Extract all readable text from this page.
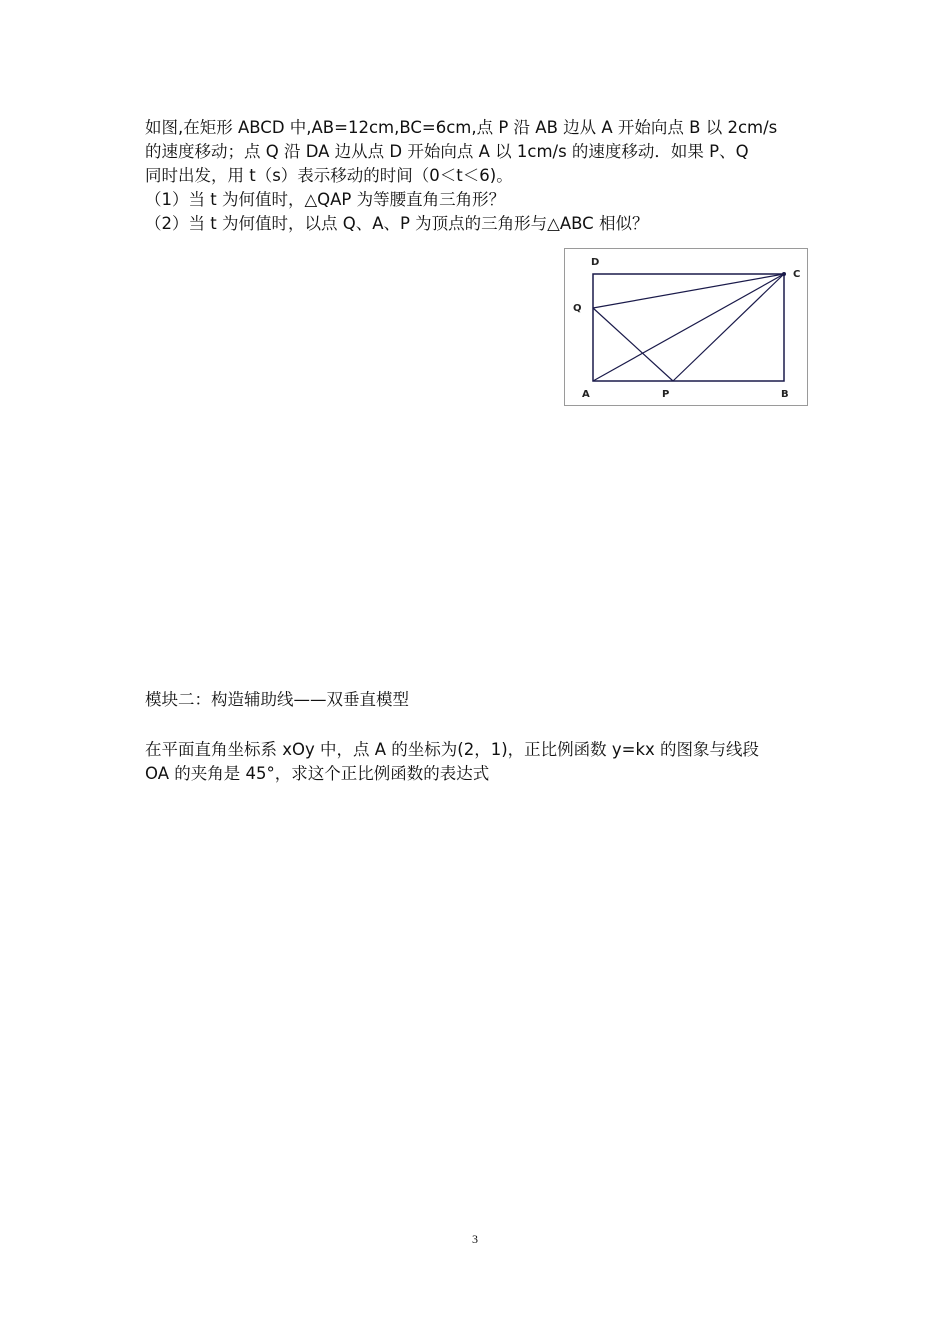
如图,在矩形 ABCD 中,AB=12cm,BC=6cm,点 P 沿 AB 边从 A 开始向点 B 以 2cm/s
的速度移动；点 Q 沿 DA 边从点 D 开始向点 A 以 1cm/s 的速度移动．如果 P、Q
同时出发，用 t（s）表示移动的时间（0＜t＜6)。
（1）当 t 为何值时，△QAP 为等腰直角三角形？
（2）当 t 为何值时，以点 Q、A、P 为顶点的三角形与△ABC 相似？
D
C
Q
A	P	B
模块二：构造辅助线——双垂直模型
在平面直角坐标系 xOy 中，点 A 的坐标为(2，1)，正比例函数 y=kx 的图象与线段
OA 的夹角是 45°，求这个正比例函数的表达式
3
